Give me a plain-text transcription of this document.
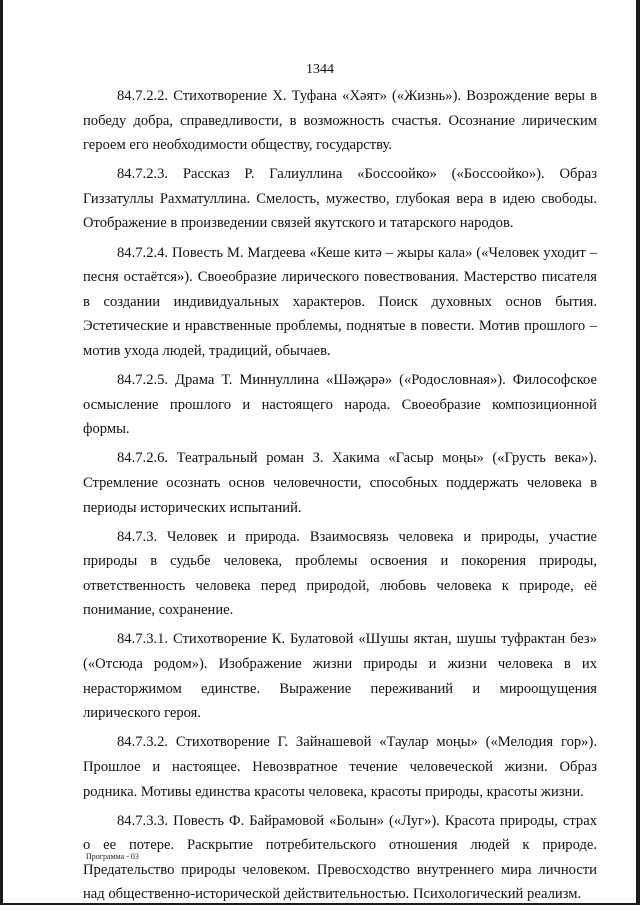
1344

84.7.2.2. Стихотворение Х. Туфана «Хәят» («Жизнь»). Возрождение веры в победу добра, справедливости, в возможность счастья. Осознание лирическим героем его необходимости обществу, государству.

84.7.2.3. Рассказ Р. Галиуллина «Боссоойко» («Боссоойко»). Образ Гиззатуллы Рахматуллина. Смелость, мужество, глубокая вера в идею свободы. Отображение в произведении связей якутского и татарского народов.

84.7.2.4. Повесть М. Магдеева «Кеше китә – жыры кала» («Человек уходит – песня остаётся»). Своеобразие лирического повествования. Мастерство писателя в создании индивидуальных характеров. Поиск духовных основ бытия. Эстетические и нравственные проблемы, поднятые в повести. Мотив прошлого – мотив ухода людей, традиций, обычаев.

84.7.2.5. Драма Т. Миннуллина «Шәҗәрә» («Родословная»). Философское осмысление прошлого и настоящего народа. Своеобразие композиционной формы.

84.7.2.6. Театральный роман З. Хакима «Гасыр моңы» («Грусть века»). Стремление осознать основ человечности, способных поддержать человека в периоды исторических испытаний.

84.7.3. Человек и природа. Взаимосвязь человека и природы, участие природы в судьбе человека, проблемы освоения и покорения природы, ответственность человека перед природой, любовь человека к природе, её понимание, сохранение.

84.7.3.1. Стихотворение К. Булатовой «Шушы яктан, шушы туфрактан без» («Отсюда родом»). Изображение жизни природы и жизни человека в их нерасторжимом единстве. Выражение переживаний и мироощущения лирического героя.

84.7.3.2. Стихотворение Г. Зайнашевой «Таулар моңы» («Мелодия гор»). Прошлое и настоящее. Невозвратное течение человеческой жизни. Образ родника. Мотивы единства красоты человека, красоты природы, красоты жизни.

84.7.3.3. Повесть Ф. Байрамовой «Болын» («Луг»). Красота природы, страх о ее потере. Раскрытие потребительского отношения людей к природе. Предательство природы человеком. Превосходство внутреннего мира личности над общественно-исторической действительностью. Психологический реализм.

Программа - 03
